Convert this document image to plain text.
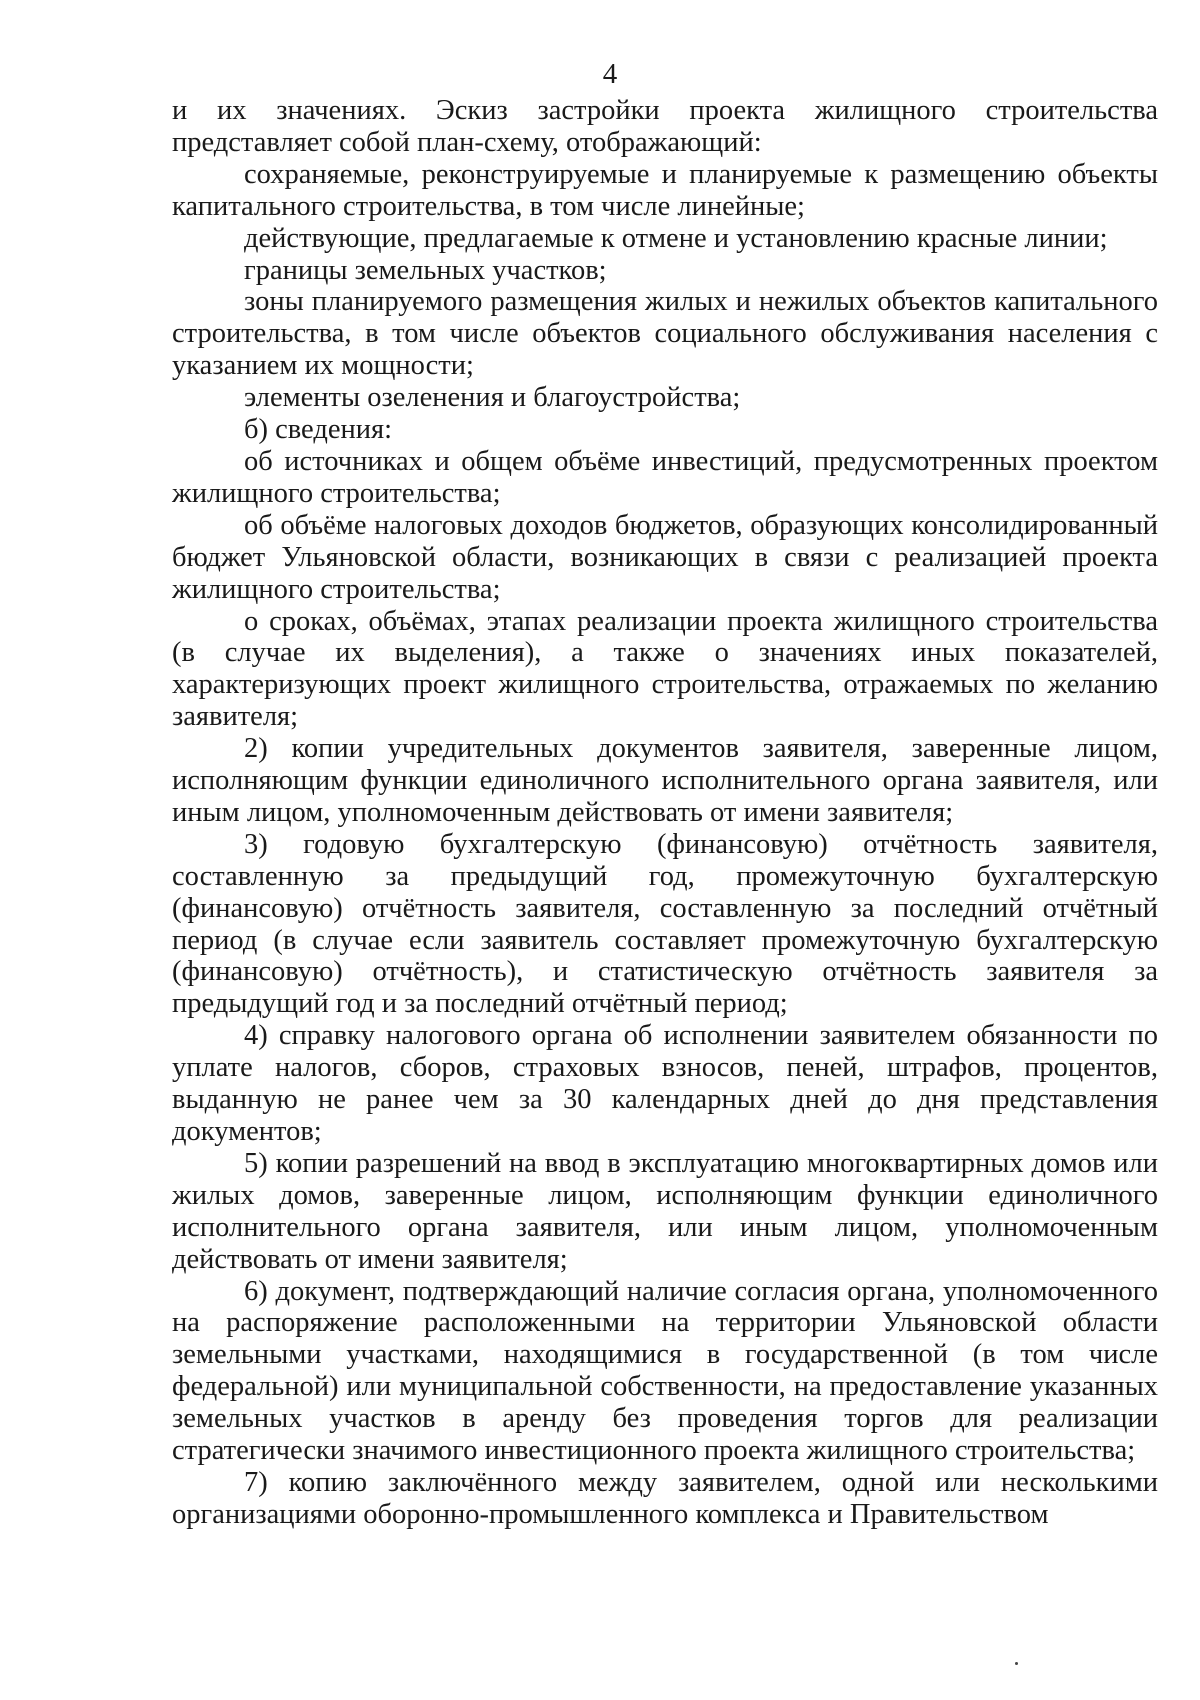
4

и их значениях. Эскиз застройки проекта жилищного строительства представляет собой план-схему, отображающий:

сохраняемые, реконструируемые и планируемые к размещению объекты капитального строительства, в том числе линейные;

действующие, предлагаемые к отмене и установлению красные линии;

границы земельных участков;

зоны планируемого размещения жилых и нежилых объектов капитального строительства, в том числе объектов социального обслуживания населения с указанием их мощности;

элементы озеленения и благоустройства;

б) сведения:

об источниках и общем объёме инвестиций, предусмотренных проектом жилищного строительства;

об объёме налоговых доходов бюджетов, образующих консолидированный бюджет Ульяновской области, возникающих в связи с реализацией проекта жилищного строительства;

о сроках, объёмах, этапах реализации проекта жилищного строительства (в случае их выделения), а также о значениях иных показателей, характеризующих проект жилищного строительства, отражаемых по желанию заявителя;

2) копии учредительных документов заявителя, заверенные лицом, исполняющим функции единоличного исполнительного органа заявителя, или иным лицом, уполномоченным действовать от имени заявителя;

3) годовую бухгалтерскую (финансовую) отчётность заявителя, составленную за предыдущий год, промежуточную бухгалтерскую (финансовую) отчётность заявителя, составленную за последний отчётный период (в случае если заявитель составляет промежуточную бухгалтерскую (финансовую) отчётность), и статистическую отчётность заявителя за предыдущий год и за последний отчётный период;

4) справку налогового органа об исполнении заявителем обязанности по уплате налогов, сборов, страховых взносов, пеней, штрафов, процентов, выданную не ранее чем за 30 календарных дней до дня представления документов;

5) копии разрешений на ввод в эксплуатацию многоквартирных домов или жилых домов, заверенные лицом, исполняющим функции единоличного исполнительного органа заявителя, или иным лицом, уполномоченным действовать от имени заявителя;

6) документ, подтверждающий наличие согласия органа, уполномоченного на распоряжение расположенными на территории Ульяновской области земельными участками, находящимися в государственной (в том числе федеральной) или муниципальной собственности, на предоставление указанных земельных участков в аренду без проведения торгов для реализации стратегически значимого инвестиционного проекта жилищного строительства;

7) копию заключённого между заявителем, одной или несколькими организациями оборонно-промышленного комплекса и Правительством
